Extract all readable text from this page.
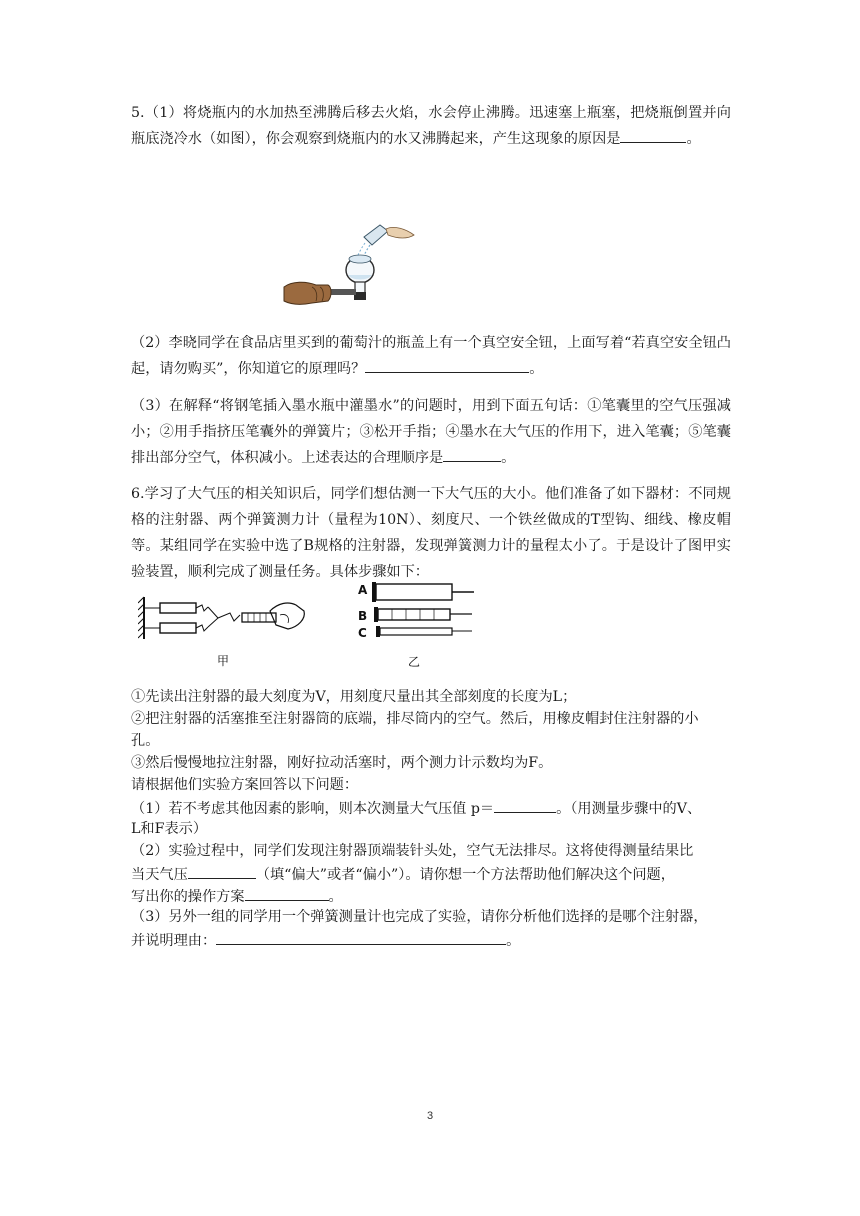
5.（1）将烧瓶内的水加热至沸腾后移去火焰，水会停止沸腾。迅速塞上瓶塞，把烧瓶倒置并向瓶底浇冷水（如图），你会观察到烧瓶内的水又沸腾起来，产生这现象的原因是	。

（2）李晓同学在食品店里买到的葡萄汁的瓶盖上有一个真空安全钮，上面写着“若真空安全钮凸起，请勿购买”，你知道它的原理吗？	。

（3）在解释“将钢笔插入墨水瓶中灌墨水”的问题时，用到下面五句话：①笔囊里的空气压强减小；②用手指挤压笔囊外的弹簧片；③松开手指；④墨水在大气压的作用下，进入笔囊；⑤笔囊排出部分空气，体积减小。上述表达的合理顺序是	。

6.学习了大气压的相关知识后，同学们想估测一下大气压的大小。他们准备了如下器材：不同规格的注射器、两个弹簧测力计（量程为10N）、刻度尺、一个铁丝做成的T型钩、细线、橡皮帽等。某组同学在实验中选了B规格的注射器，发现弹簧测力计的量程太小了。于是设计了图甲实验装置，顺利完成了测量任务。具体步骤如下：

甲
A
B
C
乙
①先读出注射器的最大刻度为V，用刻度尺量出其全部刻度的长度为L；
②把注射器的活塞推至注射器筒的底端，排尽筒内的空气。然后，用橡皮帽封住注射器的小
孔。
③然后慢慢地拉注射器，刚好拉动活塞时，两个测力计示数均为F。
请根据他们实验方案回答以下问题：
（1）若不考虑其他因素的影响，则本次测量大气压值 p＝	。（用测量步骤中的V、
L和F表示）
（2）实验过程中，同学们发现注射器顶端装针头处，空气无法排尽。这将使得测量结果比
当天气压	（填“偏大”或者“偏小”）。请你想一个方法帮助他们解决这个问题，
写出你的操作方案	。
（3）另外一组的同学用一个弹簧测量计也完成了实验，请你分析他们选择的是哪个注射器，
并说明理由：	。
3
